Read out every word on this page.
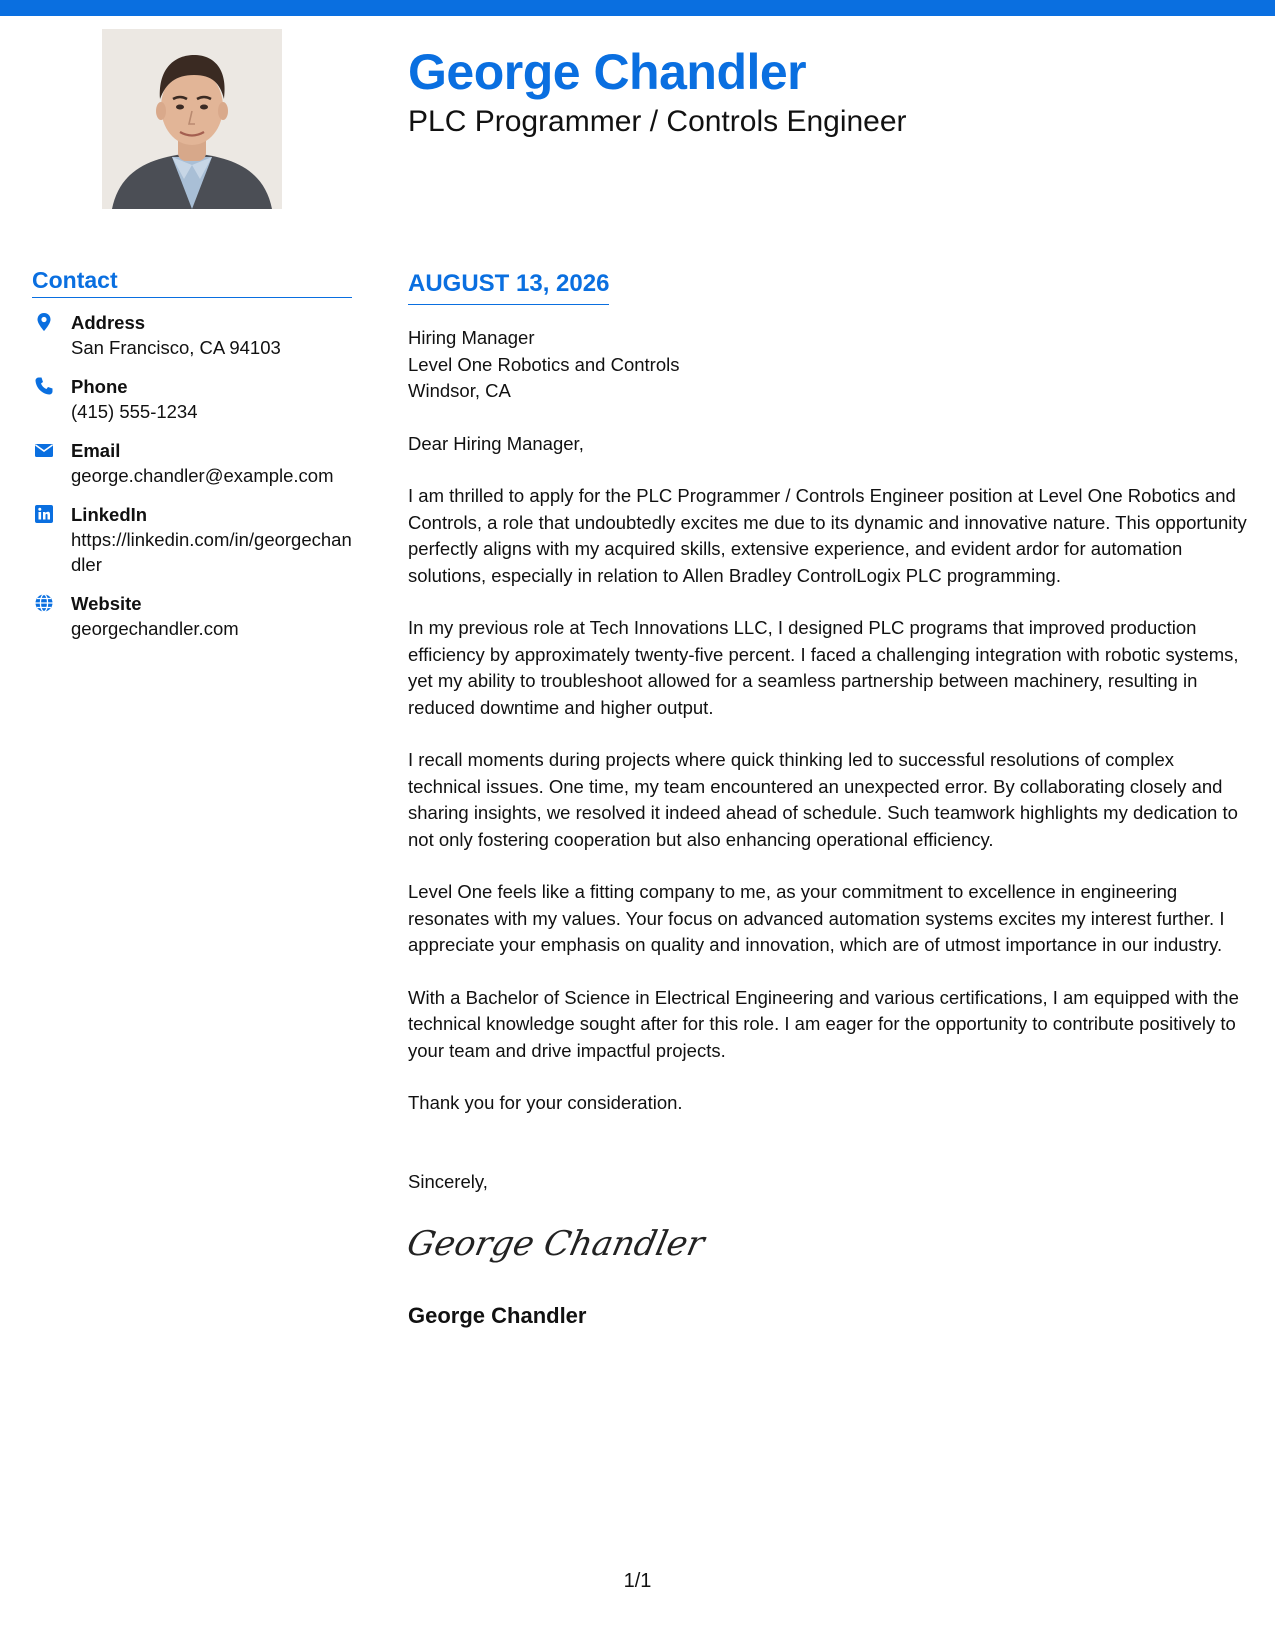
George Chandler
PLC Programmer / Controls Engineer
Contact
Address
San Francisco, CA 94103
Phone
(415) 555-1234
Email
george.chandler@example.com
LinkedIn
https://linkedin.com/in/georgechandler
Website
georgechandler.com
AUGUST 13, 2026
Hiring Manager
Level One Robotics and Controls
Windsor, CA
Dear Hiring Manager,

I am thrilled to apply for the PLC Programmer / Controls Engineer position at Level One Robotics and Controls, a role that undoubtedly excites me due to its dynamic and innovative nature. This opportunity perfectly aligns with my acquired skills, extensive experience, and evident ardor for automation solutions, especially in relation to Allen Bradley ControlLogix PLC programming.

In my previous role at Tech Innovations LLC, I designed PLC programs that improved production efficiency by approximately twenty-five percent. I faced a challenging integration with robotic systems, yet my ability to troubleshoot allowed for a seamless partnership between machinery, resulting in reduced downtime and higher output.

I recall moments during projects where quick thinking led to successful resolutions of complex technical issues. One time, my team encountered an unexpected error. By collaborating closely and sharing insights, we resolved it indeed ahead of schedule. Such teamwork highlights my dedication to not only fostering cooperation but also enhancing operational efficiency.

Level One feels like a fitting company to me, as your commitment to excellence in engineering resonates with my values. Your focus on advanced automation systems excites my interest further. I appreciate your emphasis on quality and innovation, which are of utmost importance in our industry.

With a Bachelor of Science in Electrical Engineering and various certifications, I am equipped with the technical knowledge sought after for this role. I am eager for the opportunity to contribute positively to your team and drive impactful projects.

Thank you for your consideration.

Sincerely,
George Chandler
George Chandler
1/1
